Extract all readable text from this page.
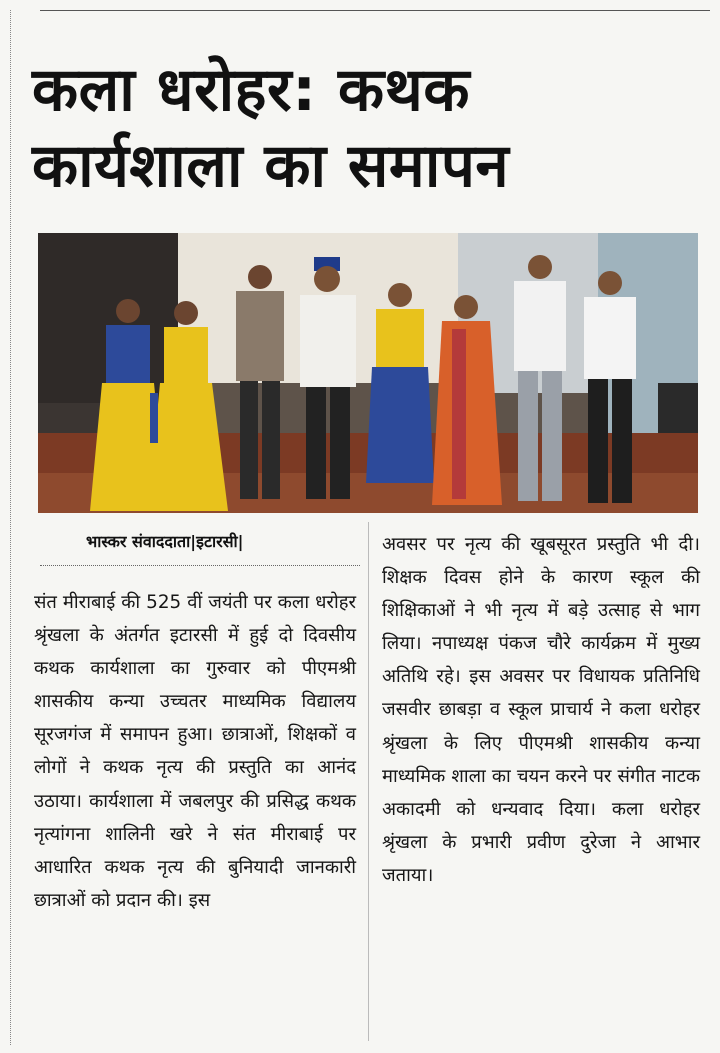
कला धरोहर: कथक
कार्यशाला का समापन
भास्कर संवाददाता|इटारसी|

संत मीराबाई की 525 वीं जयंती पर कला धरोहर श्रृंखला के अंतर्गत इटारसी में हुई दो दिवसीय कथक कार्यशाला का गुरुवार को पीएमश्री शासकीय कन्या उच्चतर माध्यमिक विद्यालय सूरजगंज में समापन हुआ। छात्राओं, शिक्षकों व लोगों ने कथक नृत्य की प्रस्तुति का आनंद उठाया। कार्यशाला में जबलपुर की प्रसिद्ध कथक नृत्यांगना शालिनी खरे ने संत मीराबाई पर आधारित कथक नृत्य की बुनियादी जानकारी छात्राओं को प्रदान की। इस

अवसर पर नृत्य की खूबसूरत प्रस्तुति भी दी। शिक्षक दिवस होने के कारण स्कूल की शिक्षिकाओं ने भी नृत्य में बड़े उत्साह से भाग लिया। नपाध्यक्ष पंकज चौरे कार्यक्रम में मुख्य अतिथि रहे। इस अवसर पर विधायक प्रतिनिधि जसवीर छाबड़ा व स्कूल प्राचार्य ने कला धरोहर श्रृंखला के लिए पीएमश्री शासकीय कन्या माध्यमिक शाला का चयन करने पर संगीत नाटक अकादमी को धन्यवाद दिया। कला धरोहर श्रृंखला के प्रभारी प्रवीण दुरेजा ने आभार जताया।
